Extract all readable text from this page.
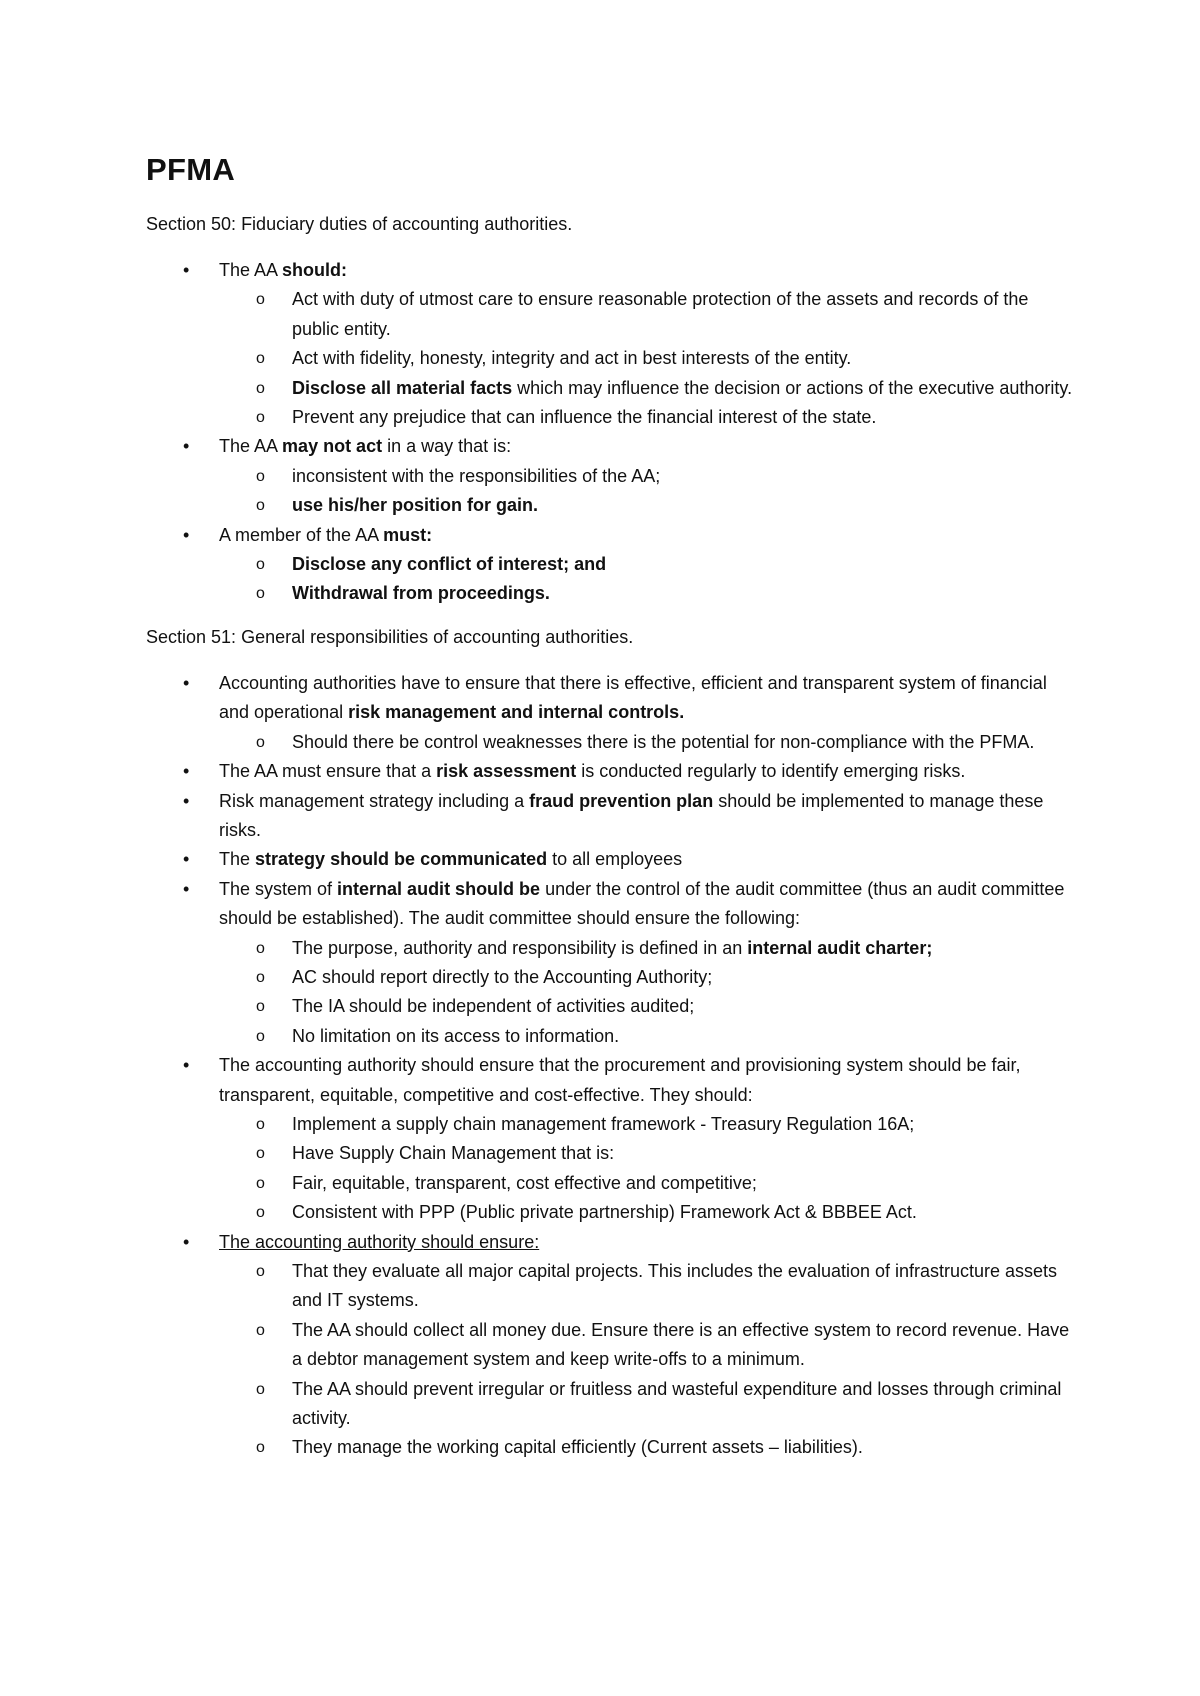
PFMA

Section 50: Fiduciary duties of accounting authorities.

• The AA should:
o Act with duty of utmost care to ensure reasonable protection of the assets and records of the public entity.
o Act with fidelity, honesty, integrity and act in best interests of the entity.
o Disclose all material facts which may influence the decision or actions of the executive authority.
o Prevent any prejudice that can influence the financial interest of the state.
• The AA may not act in a way that is:
o inconsistent with the responsibilities of the AA;
o use his/her position for gain.
• A member of the AA must:
o Disclose any conflict of interest; and
o Withdrawal from proceedings.

Section 51: General responsibilities of accounting authorities.

• Accounting authorities have to ensure that there is effective, efficient and transparent system of financial and operational risk management and internal controls.
o Should there be control weaknesses there is the potential for non-compliance with the PFMA.
• The AA must ensure that a risk assessment is conducted regularly to identify emerging risks.
• Risk management strategy including a fraud prevention plan should be implemented to manage these risks.
• The strategy should be communicated to all employees
• The system of internal audit should be under the control of the audit committee (thus an audit committee should be established). The audit committee should ensure the following:
o The purpose, authority and responsibility is defined in an internal audit charter;
o AC should report directly to the Accounting Authority;
o The IA should be independent of activities audited;
o No limitation on its access to information.
• The accounting authority should ensure that the procurement and provisioning system should be fair, transparent, equitable, competitive and cost-effective. They should:
o Implement a supply chain management framework - Treasury Regulation 16A;
o Have Supply Chain Management that is:
o Fair, equitable, transparent, cost effective and competitive;
o Consistent with PPP (Public private partnership) Framework Act & BBBEE Act.
• The accounting authority should ensure:
o That they evaluate all major capital projects. This includes the evaluation of infrastructure assets and IT systems.
o The AA should collect all money due. Ensure there is an effective system to record revenue. Have a debtor management system and keep write-offs to a minimum.
o The AA should prevent irregular or fruitless and wasteful expenditure and losses through criminal activity.
o They manage the working capital efficiently (Current assets – liabilities).
